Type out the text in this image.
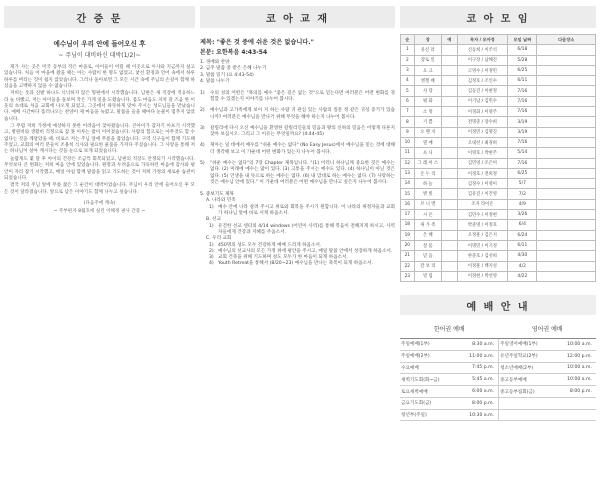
간 증 문
예수님이 우리 안에 들어오신 후
~ 주님이 대비하신 대박(1/2)~

제가 사는 곳은 미국 동부의 작은 마을로, 아이들이 어릴 때 이곳으로 이사와 지금까지 살고 있습니다. 처음 이 마을에 왔을 때는 아는 사람이 한 명도 없었고, 낯선 환경과 언어 속에서 하루하루를 버티는 것이 쉽지 않았습니다. 그러나 돌아보면 그 모든 시간 속에 주님의 손길이 함께 하셨음을 고백하지 않을 수 없습니다.

저희는 옷과 신발 하나도 넉넉하지 않은 형편에서 시작했습니다. 남편은 새 직장에 적응하느라 늘 바빴고, 저는 아이들을 돌보며 작은 가게 일을 도왔습니다. 몸도 마음도 지쳐 갈 즈음 한 이웃의 초대로 처음 교회에 나오게 되었고, 그곳에서 따뜻하게 맞아 주시는 성도님들을 만났습니다. 예배 시간마다 흘러나오는 찬양이 제 마음을 녹였고, 말씀을 들을 때마다 눈물이 멈추지 않았습니다.

그 무렵 저희 가정에 예상하지 못한 어려움이 찾아왔습니다. 큰아이가 갑자기 아프기 시작했고, 병원비와 생활비 걱정으로 잠 못 이루는 밤이 이어졌습니다. 사람의 힘으로는 아무것도 할 수 없다는 것을 깨달았을 때, 비로소 저는 주님 앞에 무릎을 꿇었습니다. 구역 식구들이 함께 기도해 주었고, 교회의 여러 분들이 조용히 식사와 필요한 물품을 가져다 주셨습니다. 그 사랑을 통해 저는 하나님이 살아 계시다는 것을 눈으로 보게 되었습니다.

놀랍게도 몇 달 후 아이의 건강은 조금씩 회복되었고, 남편의 직장도 안정되기 시작했습니다. 무엇보다 큰 변화는 저희 마음 안에 있었습니다. 원망과 두려움으로 가득하던 마음에 감사와 평안이 자리 잡기 시작했고, 매일 아침 함께 말씀을 읽고 기도하는 것이 저희 가정의 새로운 습관이 되었습니다.

결국 저의 주님 앞에 무릎 꿇은 그 순간이 대박이었습니다. 주님이 우리 안에 들어오신 후 모든 것이 달라졌습니다. 앞으로 남은 이야기도 함께 나누고 싶습니다.

(다음주에 계속)
~ 주부편지 8월호에 실린 이해정 권사 간증 ~
코 아 교 재
제목: "좋은 것 중에 쉬운 것은 없습니다."
본문: 요한복음 4:43-54
1. 경배와 찬양
2. 금주 말씀 중 받은 은혜 나누기
3. 말씀 읽기 (요 4:43-54)
4. 말씀 나누기
1)	수의 성의 어떤은 "목의를 예수 "좋은 길은 없는 것"으로 믿는다면 여러분은 어떤 변화를 경험할 수 있겠는지 이야기를 나누어 봅시다.
2)	예수님과 고가족에게 보이 지 하는 사람 귀 관심 있는 사람의 질문 정 같은 귀성 증거가 있습니까? 여러분은 예수님을 만나기 위해 무엇을 해야 하는지 나누어 봅시다.
3)	갈릴리에 다시 오신 예수님을 환영한 갈릴리인들의 믿음과 왕의 신하의 믿음은 어떻게 다른지 찾아 보십시오. 그리고 그 이유는 무엇일까요? (4:44-45)
4)	제아는 일 데에서 예수를 "쉬운 예수는 없다" (No Easy Jesus)에서 예수님을 믿는 것에 대해 더 생각해 보고 이 가운데 어떤 변화가 있는지 나누어 봅시다.
5)	"쉬운 예수는 없다"의 7장 Chapter 제목입니다. "(1) 이러니 하나님께 중요한 것은 예수는 없다. (2) 미래에 예수는 많이 있다. (3) 고통을 주시는 예수도 있다. (4) 하나님이 아닌 것은 없다. (5) 인생을 내 뜻으로 하는 예수는 없다. (6) 내 맘대로 하는 예수는 없다. (7) 사랑하는 것은 예수님 안에 있다." 이 가운데 여러분은 어떤 예수님을 만나고 싶은지 나누어 봅시다.
5. 중보기도 제목
A. 나라와 민족
1) 예수 안에 나라 살려 주시고 위로와 회복을 주시기 원합니다. 이 나라의 위정자들과 교회가 하나님 앞에 바로 서게 하옵소서.
B. 선교
1) 유진한 선교 센터의 4/14 windows (어린이 사역)를 통해 복음이 전해지게 하시고, 사역자들에게 건강과 지혜를 주옵소서.
C. 우리 교회
1) 450명의 성도 모두 건강하게 예배 드리게 하옵소서.
2) 예수님의 선교사의 모든 가정 위에 평안을 주시고, 매일 말씀 안에서 성장하게 하옵소서.
3) 교회 건축을 위해 기도하며 성도 모두가 한 마음이 되게 하옵소서.
4) Youth Retreat을 통해서 (8/20~23) 예수님을 만나는 축복이 되게 하옵소서.
코 아 모 임
순	장	예	목자 / 모아정	모임 날짜	다음장소
1	유신 라		신동희 / 이주석	6/18	
2	장로 일		이구장 / 남해진	5/28	
3	요 크		고영수 / 이정민	6/25	
4	엔젤 메		김정호 / 조인수	6/11	
5	사 랑		김동진 / 이현정	7/16	
6	평 화		이기남 / 김민수	7/16	
7	소 망		이정화 / 이영주	7/16	
8	기 쁨		전명준 / 장수희	3/19	
9	오 렌 지		이정민 / 김명진	3/19	
10	열 매		오대선 / 최경희	7/16	
11	프 니		이영호 / 박현주	5/14	
12	그 레 이 스		김민영 / 조은미	7/16	
13	온 누 리		이정호 / 전희정	6/25	
14	하 늘		김정수 / 이영미	5/7	
15	별 빛		김유진 / 이건영	7/2	
16	브 니 엘		조지 라이온	4/9	
17	시 온		김민수 / 이정현	3/26	
18	새 가 족		박준영 / 이정호	6/4	
19	은 혜		오정훈 / 김은지	6/24	
20	샬 롬		이명민 / 이기정	6/11	
21	믿 음		한준호 / 김선희	4/30	
22	갈 보 리		이정훈 / 백지성	4/2	
23	빌 립		이정현 / 박선영	4/22	
예 배 안 내
한어권 예배		영어권 예배	
주일예배(1부)	8:30 a.m.	주일영어예배(1부)	10:00 a.m.
주일예배(2부)	11:00 a.m.	유년주일학교(2부)	12:00 p.m.
수요예배	7:45 p.m.	청소년예배(2부)	10:00 a.m.
새벽기도회(화~금)	5:45 a.m.	중고등부예배	10:00 a.m.
토요새벽예배	6:00 a.m.	중고등부집회(금)	8:00 p.m.
금요기도회(금)	8:00 p.m.		
청년부(주일)	10:30 a.m.		
